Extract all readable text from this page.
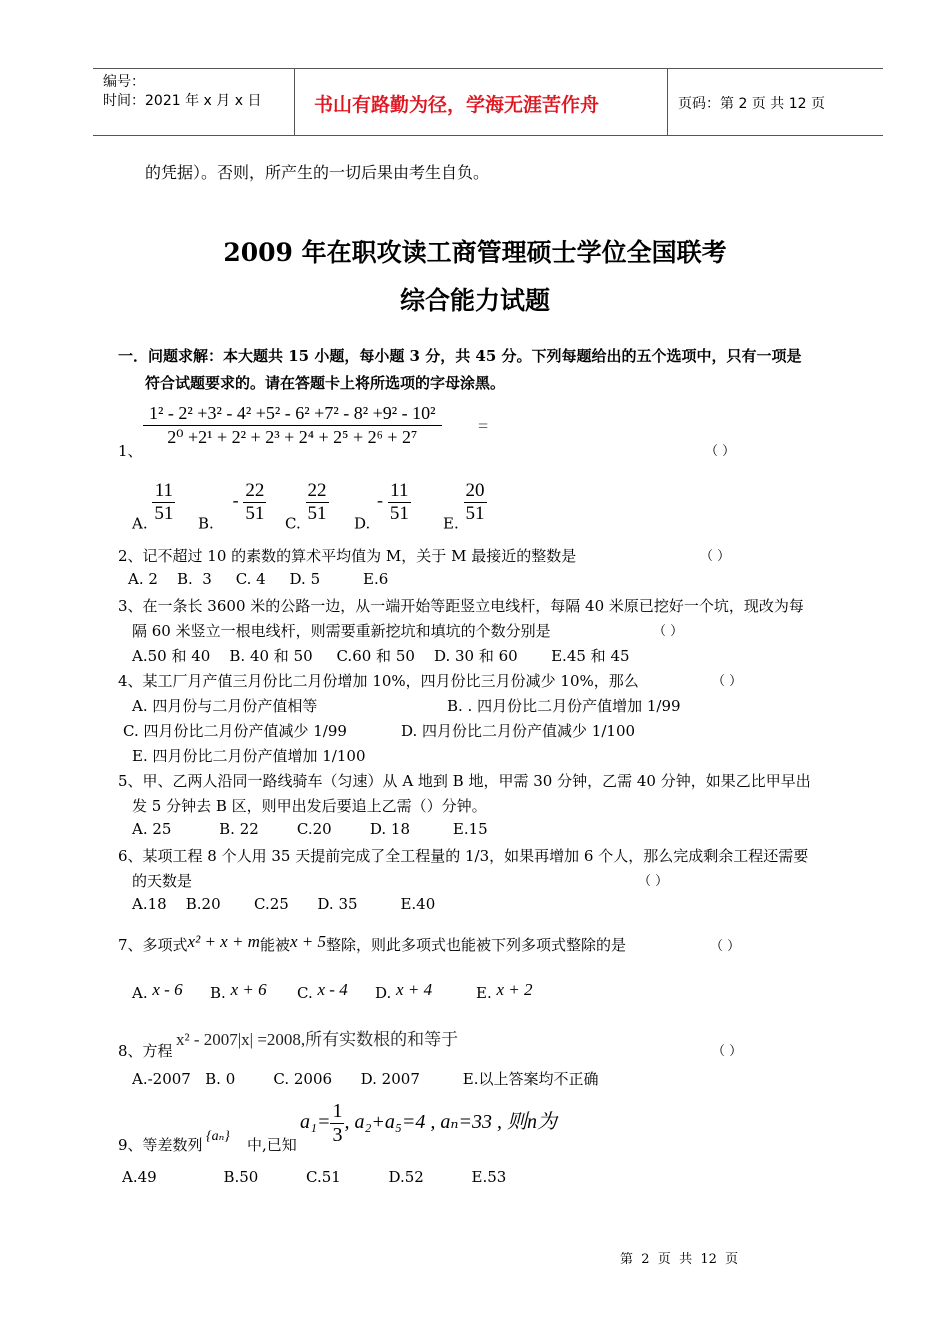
编号：
时间：2021 年 x 月 x 日	书山有路勤为径，学海无涯苦作舟	页码：第 2 页 共 12 页
的凭据）。否则，所产生的一切后果由考生自负。
2009 年在职攻读工商管理硕士学位全国联考
综合能力试题
一．问题求解：本大题共 15 小题，每小题 3 分，共 45 分。下列每题给出的五个选项中，只有一项是
符合试题要求的。请在答题卡上将所选项的字母涂黑。
$\frac{\text{1² - 2² +3² - 4² +5² - 6² +7² - 8² +9² - 10²}}{\text{2⁰ +2¹ + 2² + 2³ + 2⁴ + 2⁵ + 2⁶ + 2⁷}}$ =
1、	（ ）
A. $\frac{11}{51} B$. - $\frac{22}{51} C$. $\frac{22}{51} D$. - $\frac{11}{51} E$. $\frac{20}{51}$
2、记不超过 10 的素数的算术平均值为 M，关于 M 最接近的整数是	（ ）
A. 2    B.  3     C. 4     D. 5         E.6
3、在一条长 3600 米的公路一边，从一端开始等距竖立电线杆，每隔 40 米原已挖好一个坑，现改为每
隔 60 米竖立一根电线杆，则需要重新挖坑和填坑的个数分别是	（ ）
A.50 和 40    B. 40 和 50     C.60 和 50    D. 30 和 60       E.45 和 45
4、某工厂月产值三月份比二月份增加 10%，四月份比三月份减少 10%，那么	（ ）
A. 四月份与二月份产值相等	B. . 四月份比二月份产值增加 1/99
C. 四月份比二月份产值减少 1/99	D. 四月份比二月份产值减少 1/100
E. 四月份比二月份产值增加 1/100
5、甲、乙两人沿同一路线骑车（匀速）从 A 地到 B 地，甲需 30 分钟，乙需 40 分钟，如果乙比甲早出
发 5 分钟去 B 区，则甲出发后要追上乙需（）分钟。
A. 25          B. 22        C.20        D. 18         E.15
6、某项工程 8 个人用 35 天提前完成了全工程量的 1/3，如果再增加 6 个人，那么完成剩余工程还需要
的天数是	（ ）
A.18    B.20       C.25      D. 35         E.40
7、多项式x² + x + m能被x + 5整除，则此多项式也能被下列多项式整除的是	（ ）
A. x - 6 B. x + 6 C. x - 4 D. x + 4	E. x + 2
8、方程
x² - 2007|x| =2008,所有实数根的和等于
（ ）
A.-2007   B. 0        C. 2006      D. 2007         E.以上答案均不正确
9、等差数列 {aₙ} 中,已知
$a_1= \frac{1}{3}$ , a₂+a₅=4 , aₙ=33 , 则n为
A.49              B.50          C.51          D.52          E.53
第  2  页  共  12  页
